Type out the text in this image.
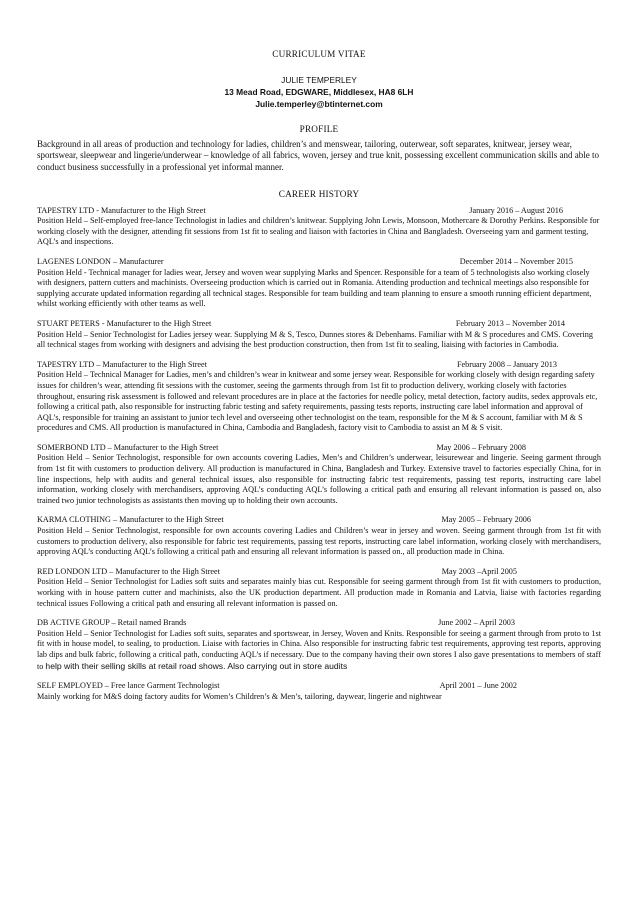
CURRICULUM VITAE
JULIE TEMPERLEY
13 Mead Road, EDGWARE, Middlesex, HA8 6LH
Julie.temperley@btinternet.com
PROFILE
Background in all areas of production and technology for ladies, children’s and menswear, tailoring, outerwear, soft separates, knitwear, jersey wear, sportswear, sleepwear and lingerie/underwear – knowledge of all fabrics, woven, jersey and true knit, possessing excellent communication skills and able to conduct business successfully in a professional yet informal manner.
CAREER HISTORY
TAPESTRY LTD - Manufacturer to the High Street	January 2016 – August 2016
Position Held – Self-employed free-lance Technologist in ladies and children’s knitwear. Supplying John Lewis, Monsoon, Mothercare & Dorothy Perkins. Responsible for working closely with the designer, attending fit sessions from 1st fit to sealing and liaison with factories in China and Bangladesh. Overseeing yarn and garment testing, AQL’s and inspections.
LAGENES LONDON – Manufacturer	December 2014 – November 2015
Position Held - Technical manager for ladies wear, Jersey and woven wear supplying Marks and Spencer. Responsible for a team of 5 technologists also working closely with designers, pattern cutters and machinists. Overseeing production which is carried out in Romania. Attending production and technical meetings also responsible for supplying accurate updated information regarding all technical stages. Responsible for team building and team planning to ensure a smooth running efficient department, whilst working efficiently with other teams as well.
STUART PETERS - Manufacturer to the High Street	February 2013 – November 2014
Position Held – Senior Technologist for Ladies jersey wear. Supplying M & S, Tesco, Dunnes stores & Debenhams. Familiar with M & S procedures and CMS. Covering all technical stages from working with designers and advising the best production construction, then from 1st fit to sealing, liaising with factories in Cambodia.
TAPESTRY LTD – Manufacturer to the High Street	February 2008 – January 2013
Position Held – Technical Manager for Ladies, men’s and children’s wear in knitwear and some jersey wear. Responsible for working closely with design regarding safety issues for children’s wear, attending fit sessions with the customer, seeing the garments through from 1st fit to production delivery, working closely with factories throughout, ensuring risk assessment is followed and relevant procedures are in place at the factories for needle policy, metal detection, factory audits, sedex approvals etc, following a critical path, also responsible for instructing fabric testing and safety requirements, passing tests reports, instructing care label information and approval of AQL’s, responsible for training an assistant to junior tech level and overseeing other technologist on the team, responsible for the M & S account, familiar with M & S procedures and CMS. All production is manufactured in China, Cambodia and Bangladesh, factory visit to Cambodia to assist an M & S visit.
SOMERBOND LTD – Manufacturer to the High Street	May 2006 – February 2008
Position Held – Senior Technologist, responsible for own accounts covering Ladies, Men’s and Children’s underwear, leisurewear and lingerie. Seeing garment through from 1st fit with customers to production delivery. All production is manufactured in China, Bangladesh and Turkey. Extensive travel to factories especially China, for in line inspections, help with audits and general technical issues, also responsible for instructing fabric test requirements, passing test reports, instructing care label information, working closely with merchandisers, approving AQL’s conducting AQL’s following a critical path and ensuring all relevant information is passed on, also trained two junior technologists as assistants then moving up to holding their own accounts.
KARMA CLOTHING – Manufacturer to the High Street	May 2005 – February 2006
Position Held – Senior Technologist, responsible for own accounts covering Ladies and Children’s wear in jersey and woven. Seeing garment through from 1st fit with customers to production delivery, also responsible for fabric test requirements, passing test reports, instructing care label information, working closely with merchandisers, approving AQL’s conducting AQL’s following a critical path and ensuring all relevant information is passed on., all production made in China.
RED LONDON LTD – Manufacturer to the High Street	May 2003 –April 2005
Position Held – Senior Technologist for Ladies soft suits and separates mainly bias cut. Responsible for seeing garment through from 1st fit with customers to production, working with in house pattern cutter and machinists, also the UK production department. All production made in Romania and Latvia, liaise with factories regarding technical issues Following a critical path and ensuring all relevant information is passed on.
DB ACTIVE GROUP – Retail named Brands	June 2002 – April 2003
Position Held – Senior Technologist for Ladies soft suits, separates and sportswear, in Jersey, Woven and Knits. Responsible for seeing a garment through from proto to 1st fit with in house model, to sealing, to production. Liaise with factories in China. Also responsible for instructing fabric test requirements, approving test reports, approving lab dips and bulk fabric, following a critical path, conducting AQL’s if necessary. Due to the company having their own stores I also gave presentations to members of staff to help with their selling skills at retail road shows. Also carrying out in store audits
SELF EMPLOYED – Free lance Garment Technologist	April 2001 – June 2002
Mainly working for M&S doing factory audits for Women’s Children’s & Men’s, tailoring, daywear, lingerie and nightwear
